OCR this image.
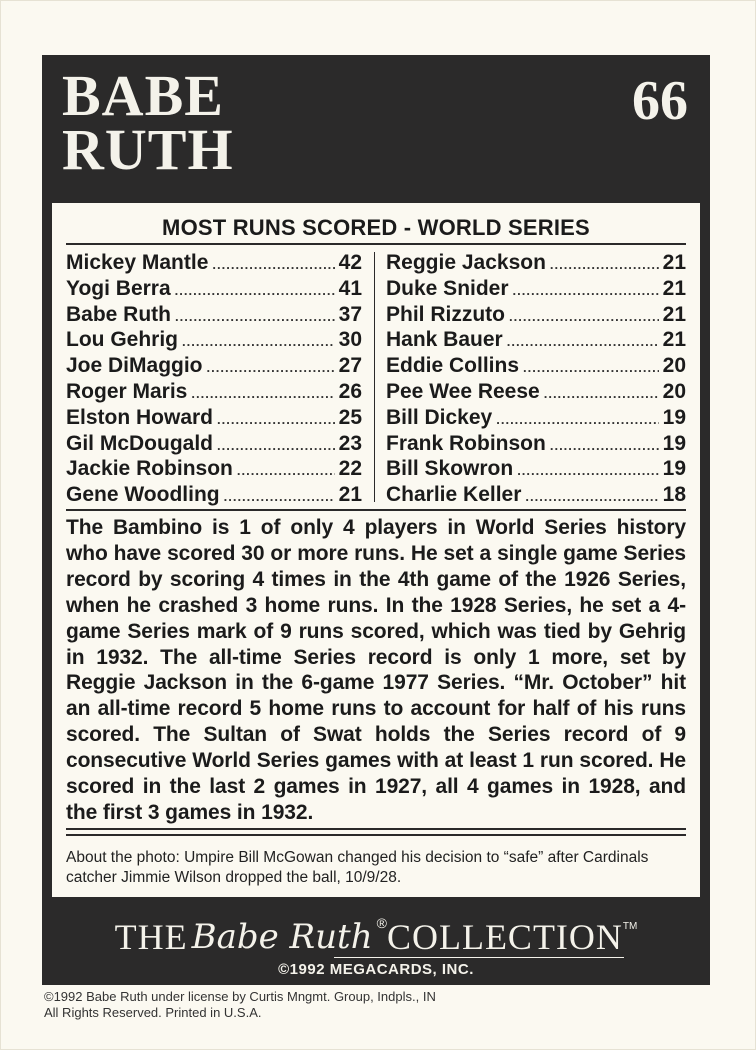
BABE
RUTH
66
MOST RUNS SCORED - WORLD SERIES
Mickey Mantle .....	42
Yogi Berra .....	41
Babe Ruth .....	37
Lou Gehrig .....	30
Joe DiMaggio .....	27
Roger Maris .....	26
Elston Howard .....	25
Gil McDougald .....	23
Jackie Robinson .....	22
Gene Woodling .....	21
Reggie Jackson .....	21
Duke Snider .....	21
Phil Rizzuto .....	21
Hank Bauer .....	21
Eddie Collins .....	20
Pee Wee Reese .....	20
Bill Dickey .....	19
Frank Robinson .....	19
Bill Skowron .....	19
Charlie Keller .....	18
The Bambino is 1 of only 4 players in World Series history who have scored 30 or more runs. He set a single game Series record by scoring 4 times in the 4th game of the 1926 Series, when he crashed 3 home runs. In the 1928 Series, he set a 4-game Series mark of 9 runs scored, which was tied by Gehrig in 1932. The all-time Series record is only 1 more, set by Reggie Jackson in the 6-game 1977 Series. “Mr. October” hit an all-time record 5 home runs to account for half of his runs scored. The Sultan of Swat holds the Series record of 9 consecutive World Series games with at least 1 run scored. He scored in the last 2 games in 1927, all 4 games in 1928, and the first 3 games in 1932.
About the photo: Umpire Bill McGowan changed his decision to “safe” after Cardinals catcher Jimmie Wilson dropped the ball, 10/9/28.
THE Babe Ruth ®COLLECTION™
©1992 MEGACARDS, INC.
©1992 Babe Ruth under license by Curtis Mngmt. Group, Indpls., IN
All Rights Reserved. Printed in U.S.A.
